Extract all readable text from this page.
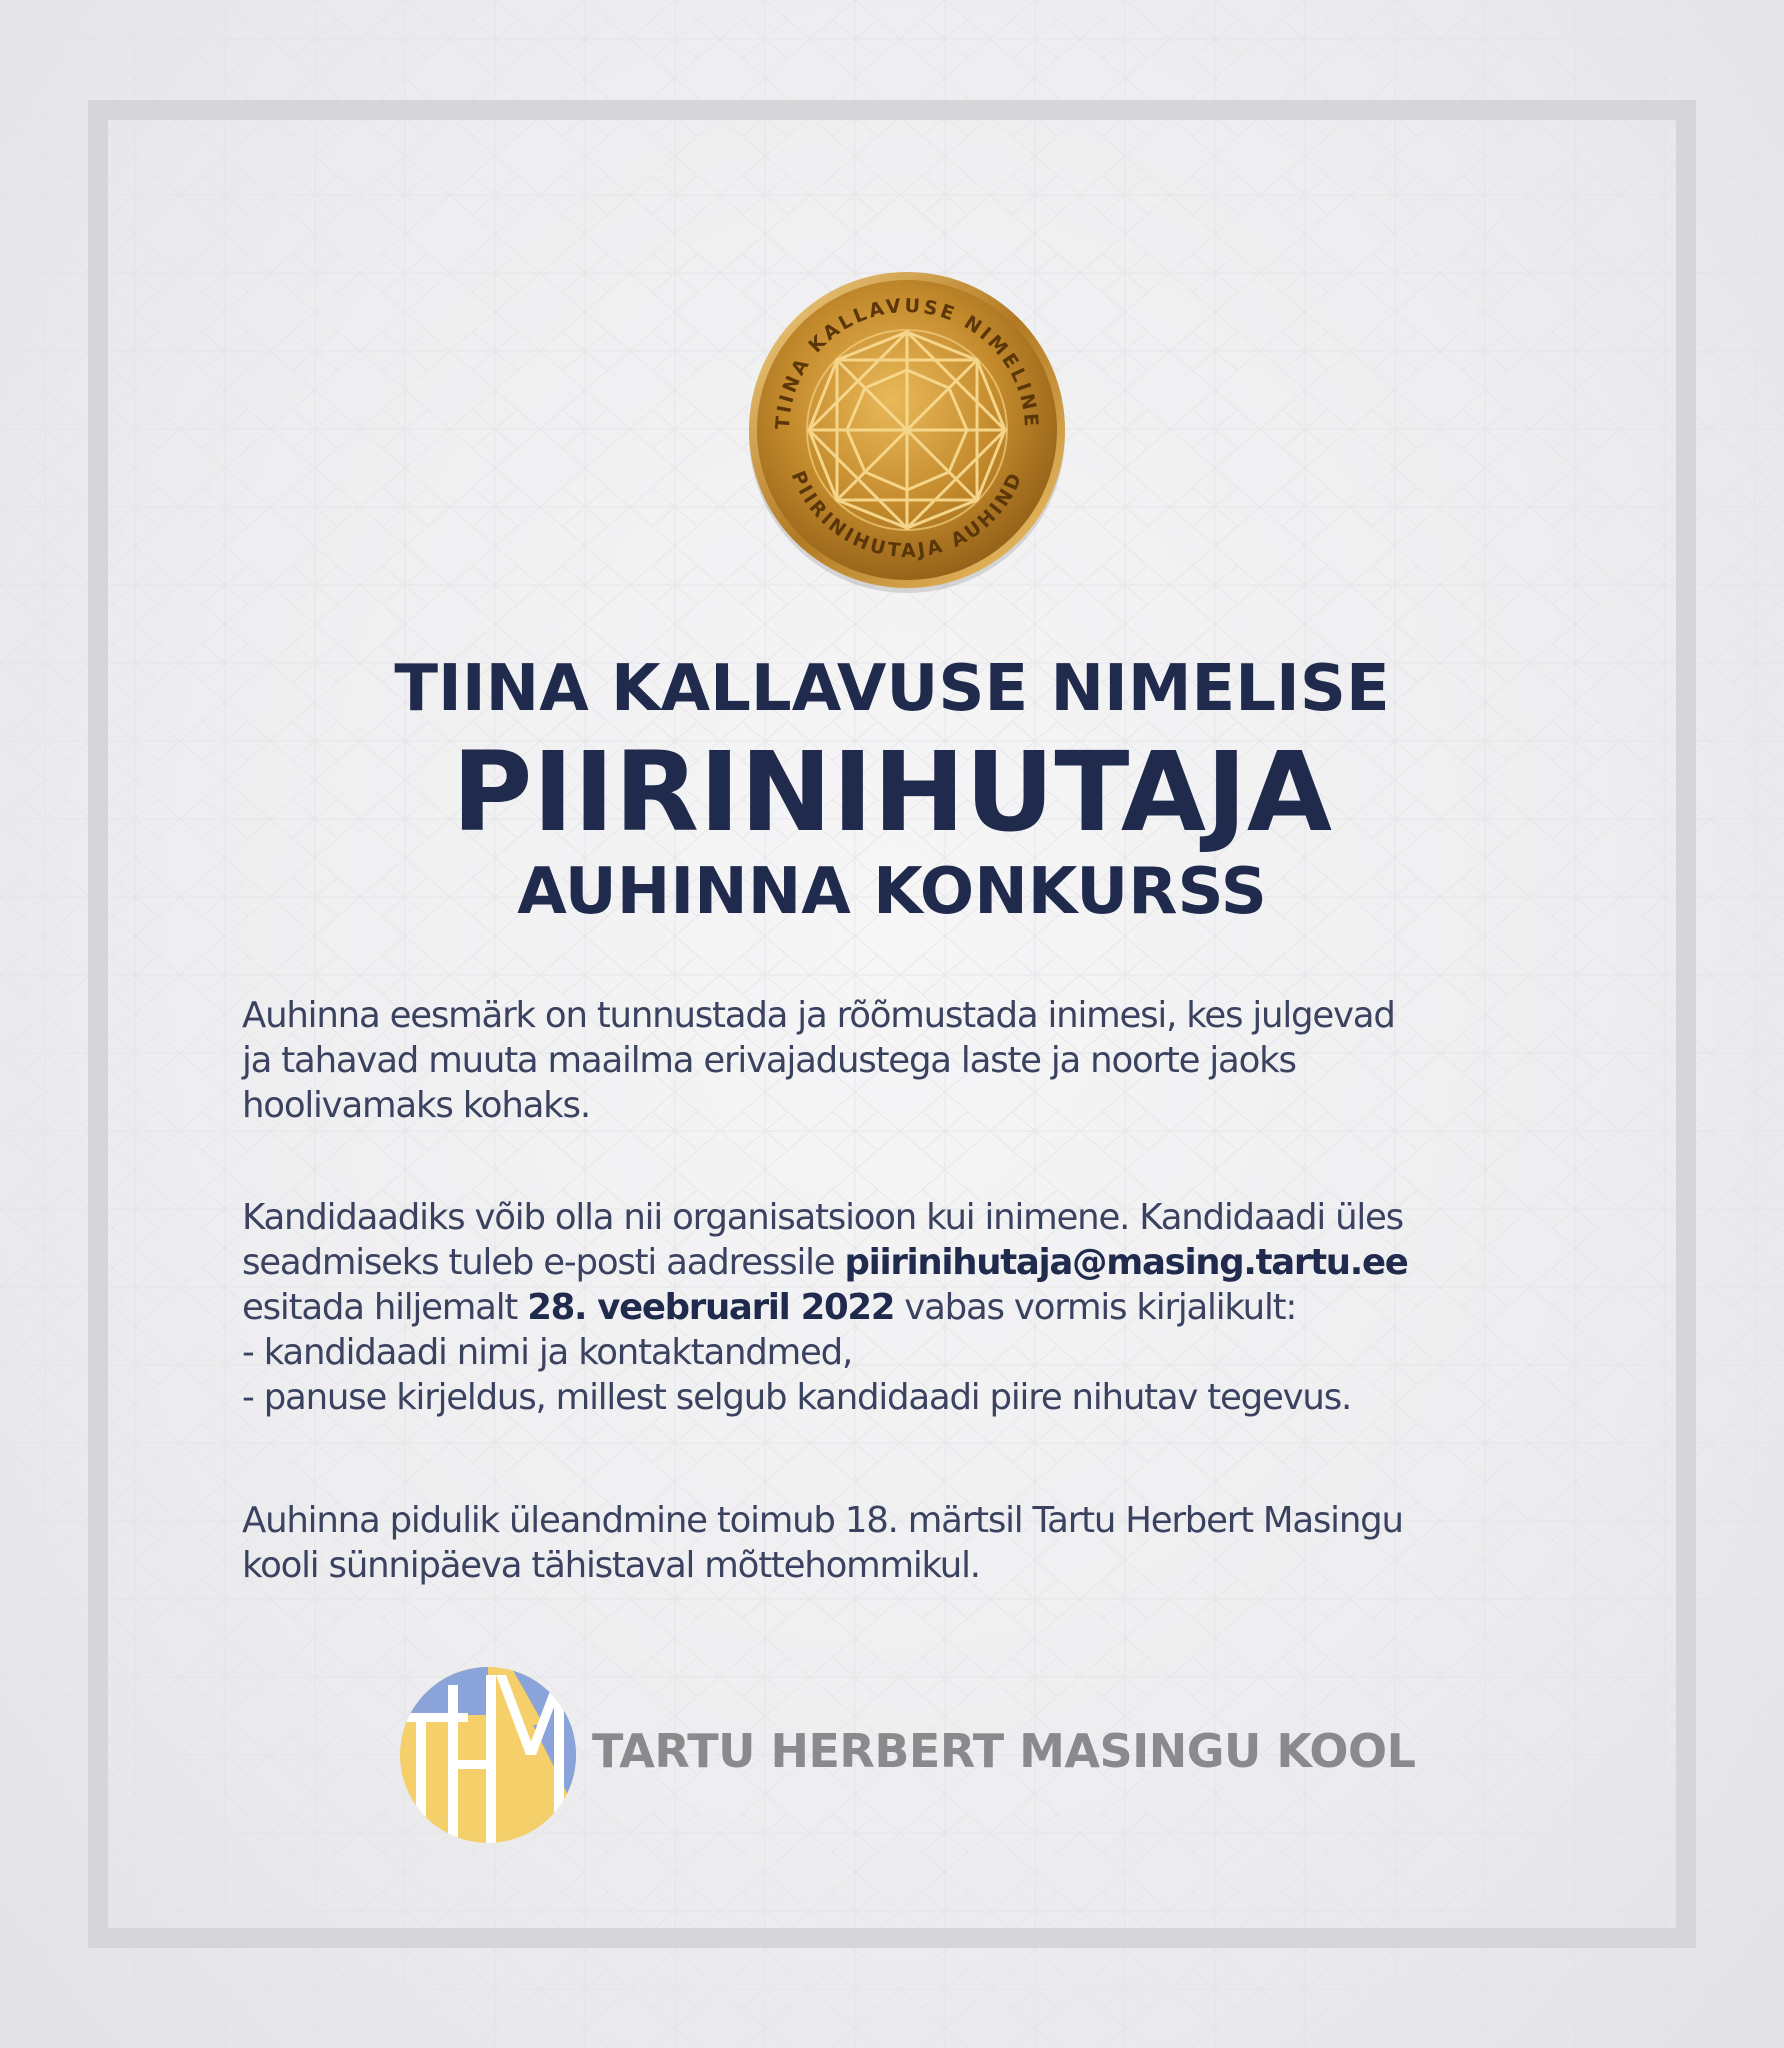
TIINA KALLAVUSE NIMELINE
PIIRINIHUTAJA AUHIND
TIINA KALLAVUSE NIMELISE
PIIRINIHUTAJA
AUHINNA KONKURSS
Auhinna eesmärk on tunnustada ja rõõmustada inimesi, kes julgevad
ja tahavad muuta maailma erivajadustega laste ja noorte jaoks
hoolivamaks kohaks.
Kandidaadiks võib olla nii organisatsioon kui inimene. Kandidaadi üles
seadmiseks tuleb e-posti aadressile piirinihutaja@masing.tartu.ee
esitada hiljemalt 28. veebruaril 2022 vabas vormis kirjalikult:
- kandidaadi nimi ja kontaktandmed,
- panuse kirjeldus, millest selgub kandidaadi piire nihutav tegevus.
Auhinna pidulik üleandmine toimub 18. märtsil Tartu Herbert Masingu
kooli sünnipäeva tähistaval mõttehommikul.

TARTU HERBERT MASINGU KOOL
